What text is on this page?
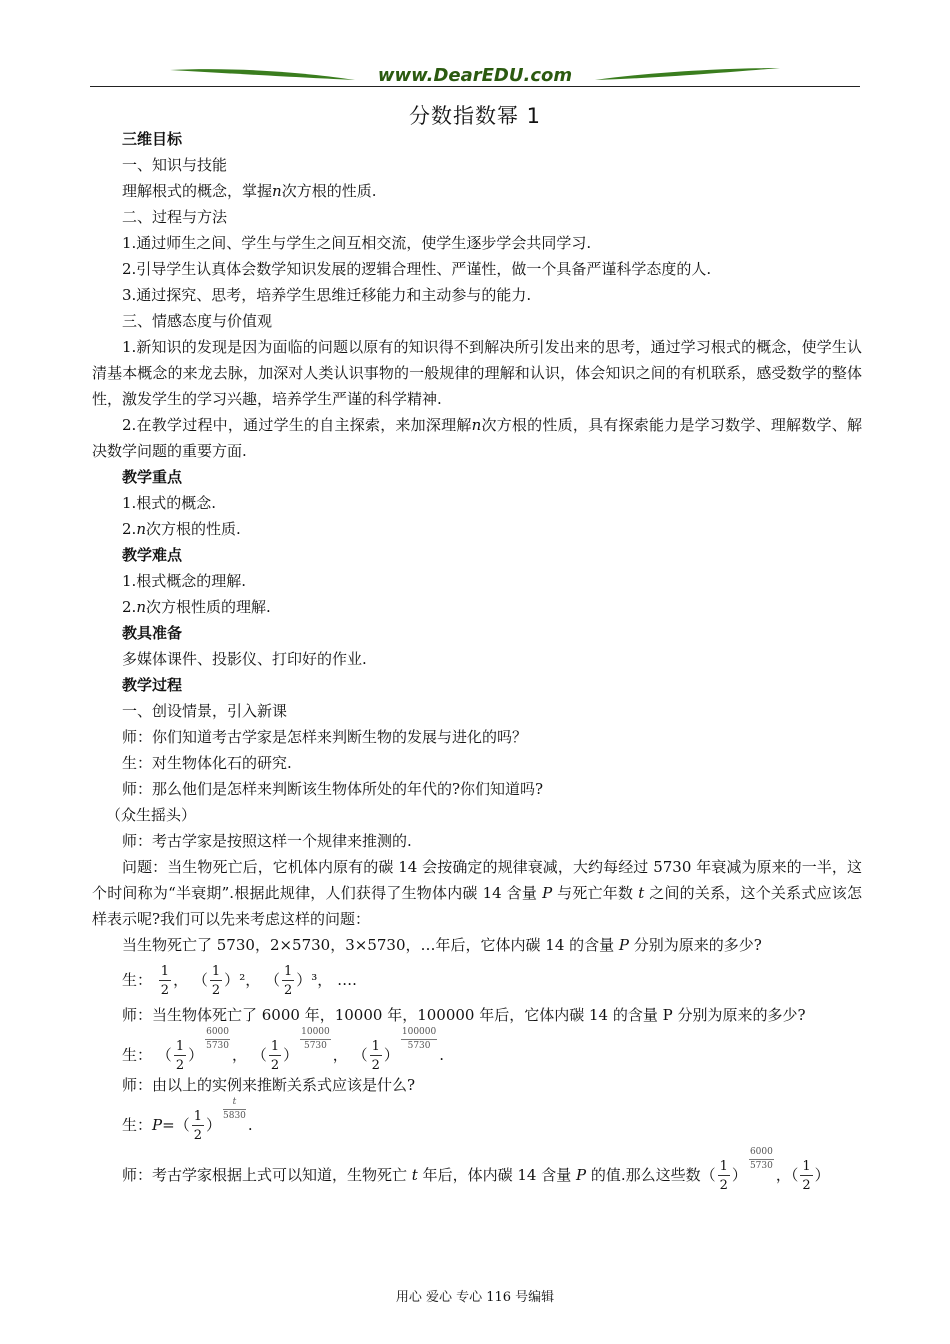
www.DearEDU.com
分数指数幂 1

三维目标

一、知识与技能

理解根式的概念，掌握n次方根的性质.

二、过程与方法

1.通过师生之间、学生与学生之间互相交流，使学生逐步学会共同学习.

2.引导学生认真体会数学知识发展的逻辑合理性、严谨性，做一个具备严谨科学态度的人.

3.通过探究、思考，培养学生思维迁移能力和主动参与的能力.

三、情感态度与价值观

1.新知识的发现是因为面临的问题以原有的知识得不到解决所引发出来的思考，通过学习根式的概念，使学生认清基本概念的来龙去脉，加深对人类认识事物的一般规律的理解和认识，体会知识之间的有机联系，感受数学的整体性，激发学生的学习兴趣，培养学生严谨的科学精神.

2.在教学过程中，通过学生的自主探索，来加深理解n次方根的性质，具有探索能力是学习数学、理解数学、解决数学问题的重要方面.

教学重点

1.根式的概念.

2.n次方根的性质.

教学难点

1.根式概念的理解.

2.n次方根性质的理解.

教具准备

多媒体课件、投影仪、打印好的作业.

教学过程

一、创设情景，引入新课

师：你们知道考古学家是怎样来判断生物的发展与进化的吗？

生：对生物体化石的研究.

师：那么他们是怎样来判断该生物体所处的年代的?你们知道吗?

（众生摇头）

师：考古学家是按照这样一个规律来推测的.

问题：当生物死亡后，它机体内原有的碳 14 会按确定的规律衰减，大约每经过 5730 年衰减为原来的一半，这个时间称为“半衰期”.根据此规律，人们获得了生物体内碳 14 含量 P 与死亡年数 t 之间的关系，这个关系式应该怎样表示呢?我们可以先来考虑这样的问题：

当生物死亡了 5730，2×5730，3×5730，…年后，它体内碳 14 的含量 P 分别为原来的多少?

生： $\frac{1}{2}$ ， （ $\frac{1}{2} )^2$， （ $\frac{1}{2} )^3$， ….

师：当生物体死亡了 6000 年，10000 年，100000 年后，它体内碳 14 的含量 P 分别为原来的多少?

生： （ $\frac{1}{2}$ ）
$\frac{6000}{5730}$
， （ $\frac{1}{2}$ ）
$\frac{10000}{5730}$
， （ $\frac{1}{2}$ ）
$\frac{100000}{5730}$
.

师：由以上的实例来推断关系式应该是什么?

生：$P=( \frac{1}{2}$ ）
$\frac{t}{5830}$
.

师：考古学家根据上式可以知道，生物死亡 t 年后，体内碳 14 含量 P 的值.那么这些数（ $\frac{1}{2}$ ）
$\frac{6000}{5730}$
，（ $\frac{1}{2}$ ）

用心 爱心 专心 116 号编辑
